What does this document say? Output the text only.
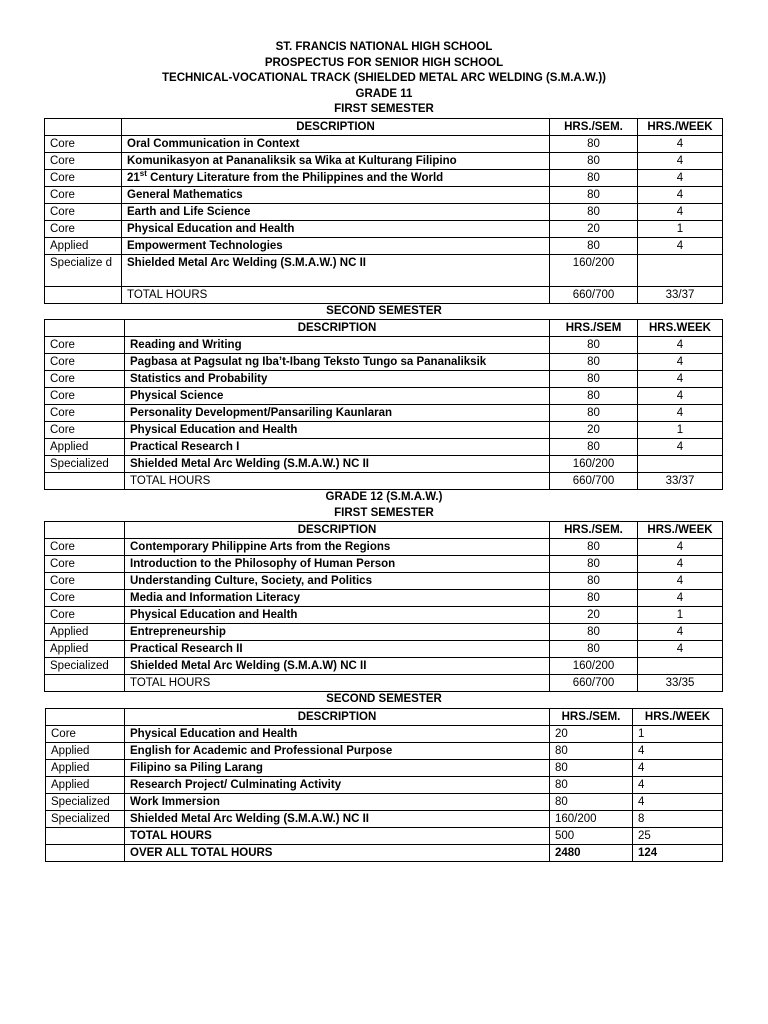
ST. FRANCIS NATIONAL HIGH SCHOOL
PROSPECTUS FOR SENIOR HIGH SCHOOL
TECHNICAL-VOCATIONAL TRACK (SHIELDED METAL ARC WELDING (S.M.A.W.))
GRADE 11
FIRST SEMESTER
	DESCRIPTION	HRS./SEM.	HRS./WEEK
Core	Oral Communication in Context	80	4
Core	Komunikasyon at Pananaliksik sa Wika at Kulturang Filipino	80	4
Core	21st Century Literature from the Philippines and the World	80	4
Core	General Mathematics	80	4
Core	Earth and Life Science	80	4
Core	Physical Education and Health	20	1
Applied	Empowerment Technologies	80	4
Specialize d	Shielded Metal Arc Welding (S.M.A.W.) NC II	160/200	
	TOTAL HOURS	660/700	33/37
SECOND SEMESTER
	DESCRIPTION	HRS./SEM	HRS.WEEK
Core	Reading and Writing	80	4
Core	Pagbasa at Pagsulat ng Iba’t-Ibang Teksto Tungo sa Pananaliksik	80	4
Core	Statistics and Probability	80	4
Core	Physical Science	80	4
Core	Personality Development/Pansariling Kaunlaran	80	4
Core	Physical Education and Health	20	1
Applied	Practical Research I	80	4
Specialized	Shielded Metal Arc Welding (S.M.A.W.) NC II	160/200	
	TOTAL HOURS	660/700	33/37
GRADE 12 (S.M.A.W.)
FIRST SEMESTER
	DESCRIPTION	HRS./SEM.	HRS./WEEK
Core	Contemporary Philippine Arts from the Regions	80	4
Core	Introduction to the Philosophy of Human Person	80	4
Core	Understanding Culture, Society, and Politics	80	4
Core	Media and Information Literacy	80	4
Core	Physical Education and Health	20	1
Applied	Entrepreneurship	80	4
Applied	Practical Research II	80	4
Specialized	Shielded Metal Arc Welding (S.M.A.W) NC II	160/200	
	TOTAL HOURS	660/700	33/35
SECOND SEMESTER
	DESCRIPTION	HRS./SEM.	HRS./WEEK
Core	Physical Education and Health	20	1
Applied	English for Academic and Professional Purpose	80	4
Applied	Filipino sa Piling Larang	80	4
Applied	Research Project/ Culminating Activity	80	4
Specialized	Work Immersion	80	4
Specialized	Shielded Metal Arc Welding (S.M.A.W.) NC II	160/200	8
	TOTAL HOURS	500	25
	OVER ALL TOTAL HOURS	2480	124
